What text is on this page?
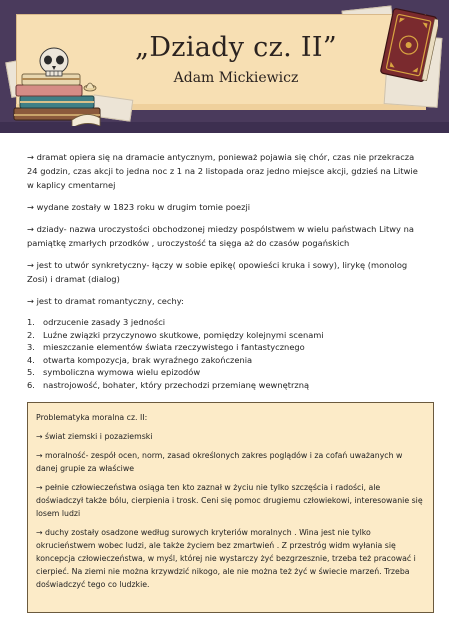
„Dziady cz. II”
Adam Mickiewicz

→ dramat opiera się na dramacie antycznym, ponieważ pojawia się chór, czas nie przekracza 24 godzin, czas akcji to jedna noc z 1 na 2 listopada oraz jedno miejsce akcji, gdzieś na Litwie w kaplicy cmentarnej

→ wydane zostały w 1823 roku w drugim tomie poezji

→ dziady- nazwa uroczystości obchodzonej miedzy pospólstwem w wielu państwach Litwy na pamiątkę zmarłych przodków , uroczystość ta sięga aż do czasów pogańskich

→ jest to utwór synkretyczny- łączy w sobie epikę( opowieści kruka i sowy), lirykę (monolog Zosi) i dramat (dialog)

→ jest to dramat romantyczny, cechy:

1. odrzucenie zasady 3 jedności
2. Luźne związki przyczynowo skutkowe, pomiędzy kolejnymi scenami
3. mieszczanie elementów świata rzeczywistego i fantastycznego
4. otwarta kompozycja, brak wyraźnego zakończenia
5. symboliczna wymowa wielu epizodów
6. nastrojowość, bohater, który przechodzi przemianę wewnętrzną

Problematyka moralna cz. II:

→ świat ziemski i pozaziemski

→ moralność- zespół ocen, norm, zasad określonych zakres poglądów i za cofań uważanych w danej grupie za właściwe

→ pełnie człowieczeństwa osiąga ten kto zaznał w życiu nie tylko szczęścia i radości, ale doświadczył także bólu, cierpienia i trosk. Ceni się pomoc drugiemu człowiekowi, interesowanie się losem ludzi

→ duchy zostały osadzone według surowych kryteriów moralnych . Wina jest nie tylko okrucieństwem wobec ludzi, ale także życiem bez zmartwień . Z przestróg widm wyłania się koncepcja człowieczeństwa, w myśl, której nie wystarczy żyć bezgrzesznie, trzeba też pracować i cierpieć. Na ziemi nie można krzywdzić nikogo, ale nie można też żyć w świecie marzeń. Trzeba doświadczyć tego co ludzkie.
